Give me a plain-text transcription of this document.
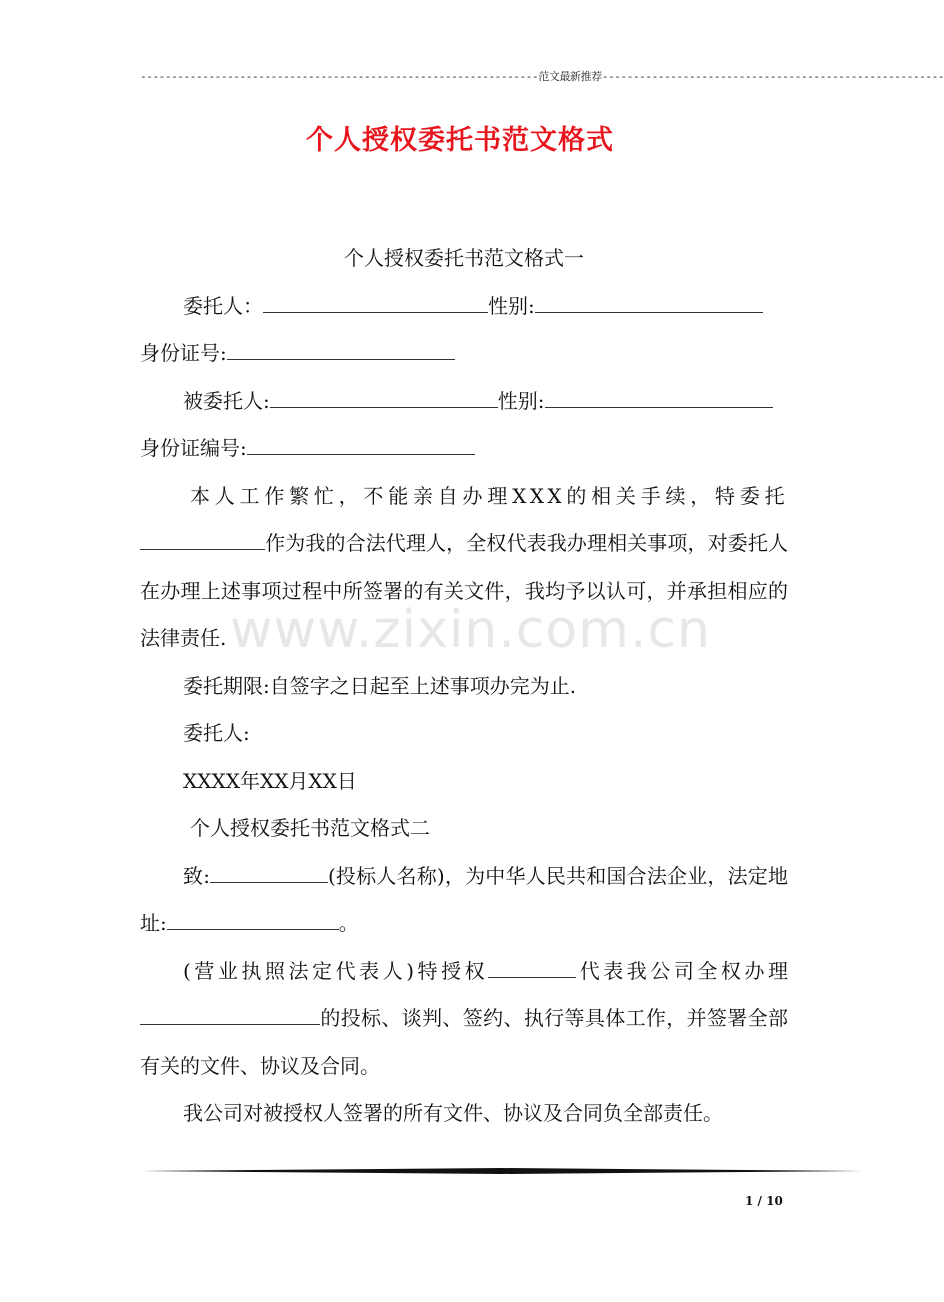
----------------------------------------------------------------范文最新推荐-------------------------------------------------------
个人授权委托书范文格式
www.zixin.com.cn

个人授权委托书范文格式一

委托人：	性别:

身份证号:

被委托人:	性别:

身份证编号:

本人工作繁忙，不能亲自办理XXX的相关手续，特委托作为我的合法代理人，全权代表我办理相关事项，对委托人在办理上述事项过程中所签署的有关文件，我均予以认可，并承担相应的法律责任.

委托期限:自签字之日起至上述事项办完为止.

委托人:

XXXX年XX月XX日

个人授权委托书范文格式二

致:	(投标人名称)，为中华人民共和国合法企业，法定地址:	。

(营业执照法定代表人)特授权	代表我公司全权办理的投标、谈判、签约、执行等具体工作，并签署全部有关的文件、协议及合同。

我公司对被授权人签署的所有文件、协议及合同负全部责任。

1 / 10
